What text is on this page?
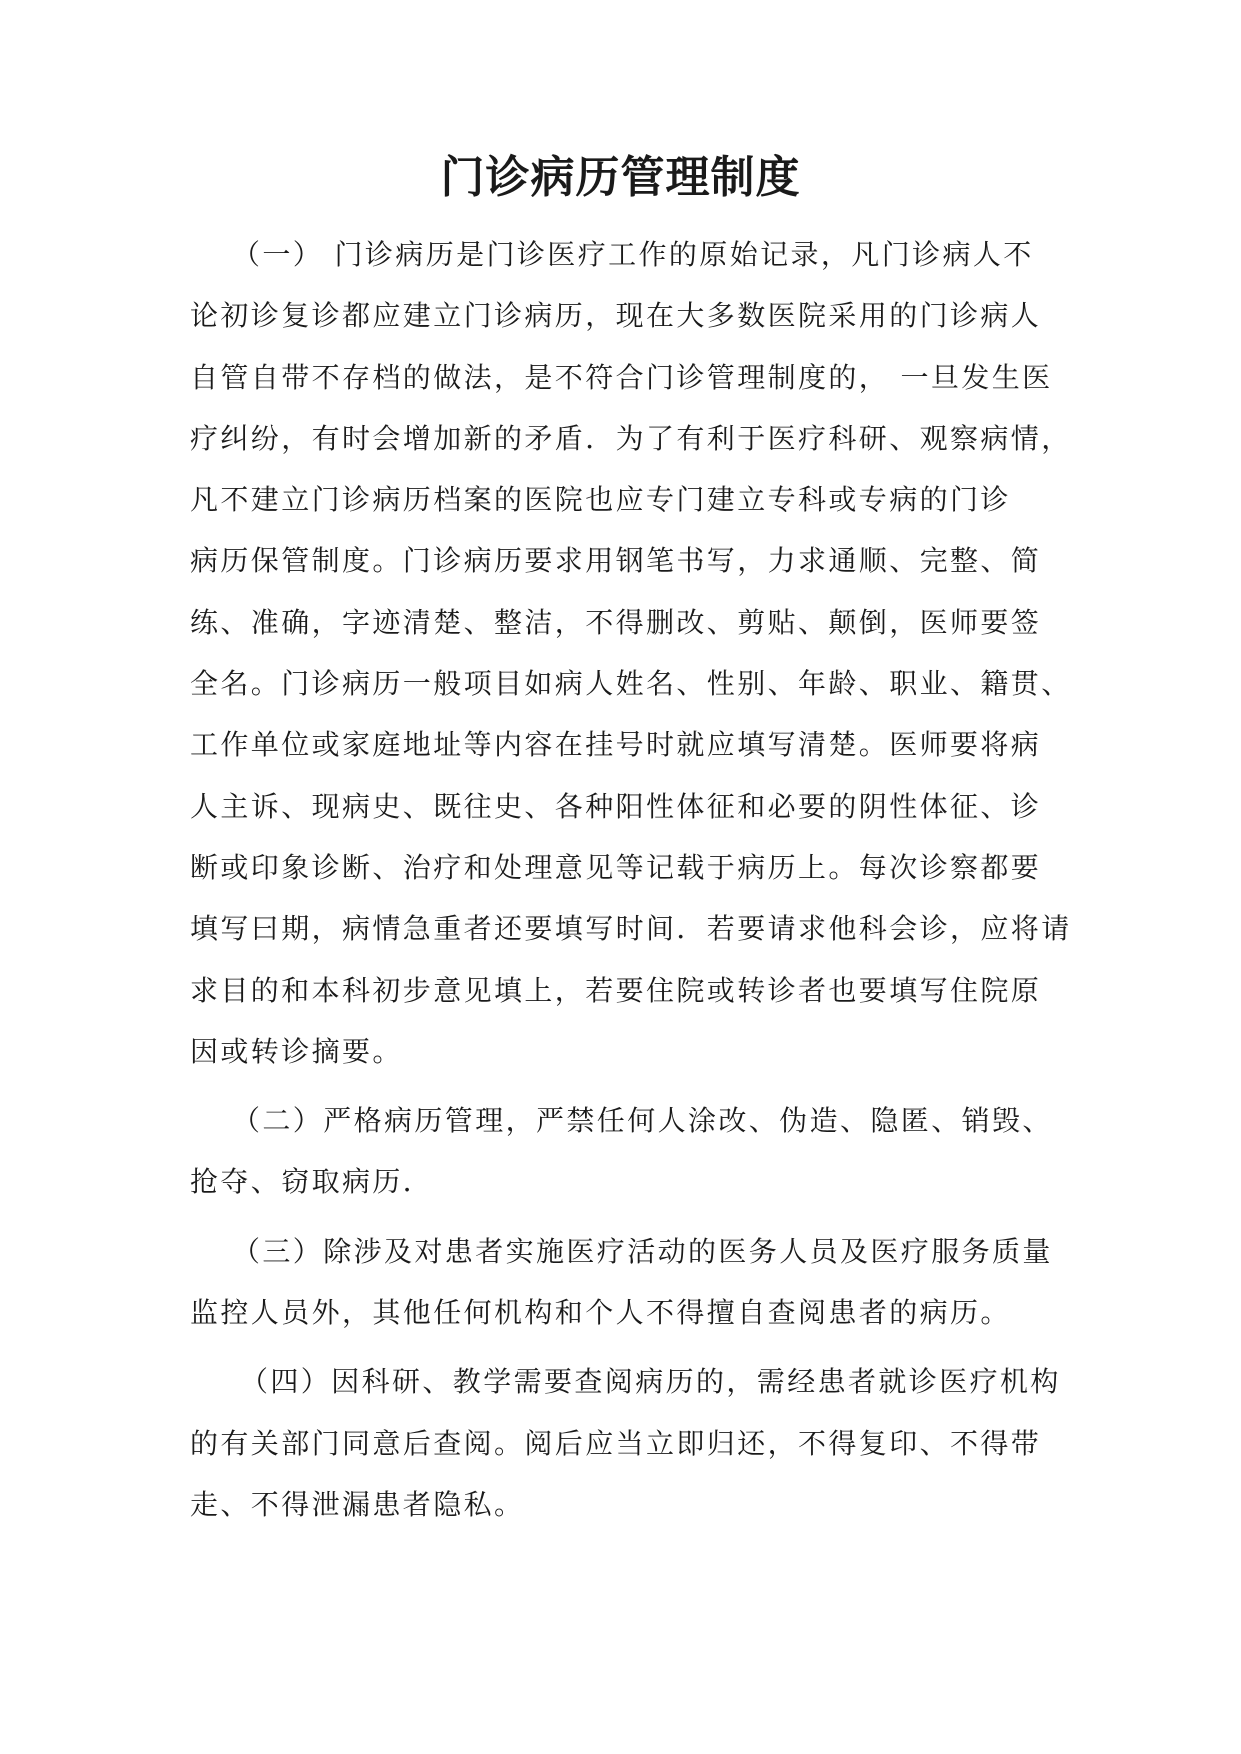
门诊病历管理制度
（一） 门诊病历是门诊医疗工作的原始记录，凡门诊病人不
论初诊复诊都应建立门诊病历，现在大多数医院采用的门诊病人
自管自带不存档的做法，是不符合门诊管理制度的， 一旦发生医
疗纠纷，有时会增加新的矛盾．为了有利于医疗科研、观察病情，
凡不建立门诊病历档案的医院也应专门建立专科或专病的门诊
病历保管制度。门诊病历要求用钢笔书写，力求通顺、完整、简
练、准确，字迹清楚、整洁，不得删改、剪贴、颠倒，医师要签
全名。门诊病历一般项目如病人姓名、性别、年龄、职业、籍贯、
工作单位或家庭地址等内容在挂号时就应填写清楚。医师要将病
人主诉、现病史、既往史、各种阳性体征和必要的阴性体征、诊
断或印象诊断、治疗和处理意见等记载于病历上。每次诊察都要
填写曰期，病情急重者还要填写时间．若要请求他科会诊，应将请
求目的和本科初步意见填上，若要住院或转诊者也要填写住院原
因或转诊摘要。
（二）严格病历管理，严禁任何人涂改、伪造、隐匿、销毁、
抢夺、窃取病历．
（三）除涉及对患者实施医疗活动的医务人员及医疗服务质量
监控人员外，其他任何机构和个人不得擅自查阅患者的病历。
（四）因科研、教学需要查阅病历的，需经患者就诊医疗机构
的有关部门同意后查阅。阅后应当立即归还，不得复印、不得带
走、不得泄漏患者隐私。
